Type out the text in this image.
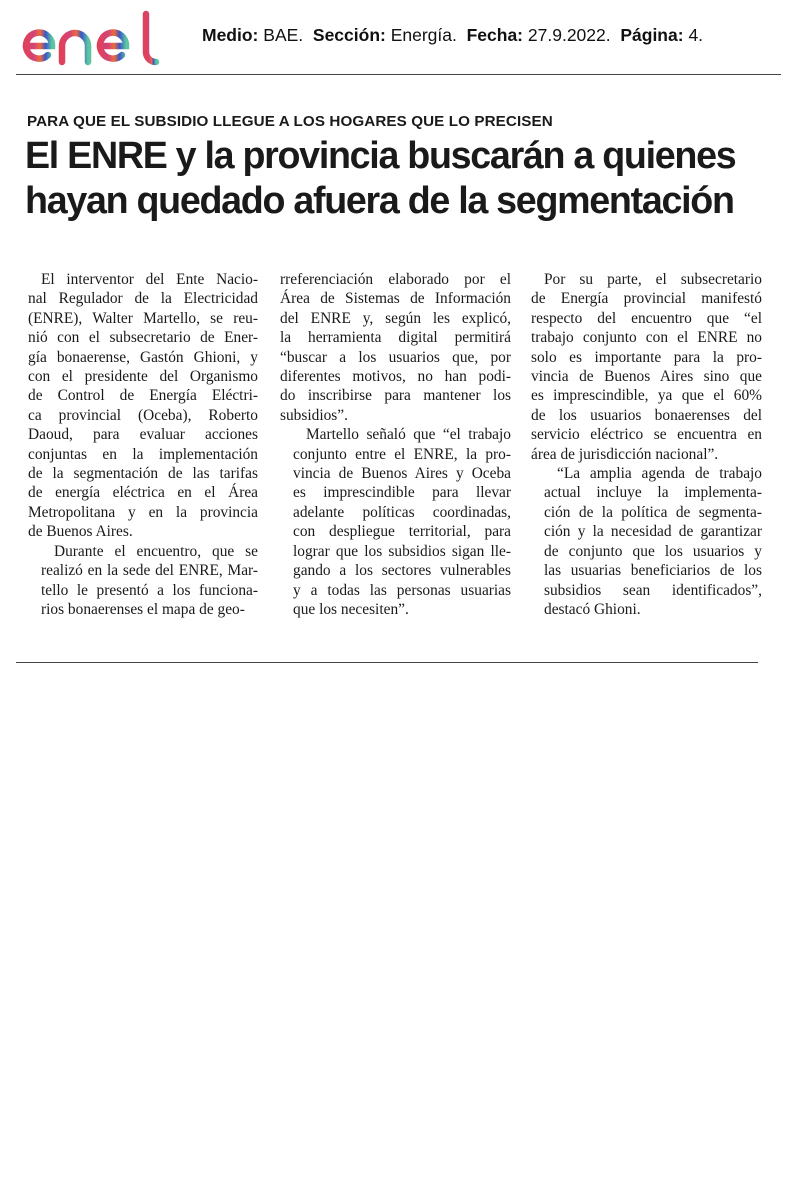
enel
Medio: BAE. Sección: Energía. Fecha: 27.9.2022. Página: 4.
PARA QUE EL SUBSIDIO LLEGUE A LOS HOGARES QUE LO PRECISEN
El ENRE y la provincia buscarán a quienes
hayan quedado afuera de la segmentación

El interventor del Ente Nacio-
nal Regulador de la Electricidad
(ENRE), Walter Martello, se reu-
nió con el subsecretario de Ener-
gía bonaerense, Gastón Ghioni, y
con el presidente del Organismo
de Control de Energía Eléctri-
ca provincial (Oceba), Roberto
Daoud, para evaluar acciones
conjuntas en la implementación
de la segmentación de las tarifas
de energía eléctrica en el Área
Metropolitana y en la provincia
de Buenos Aires.

Durante el encuentro, que se
realizó en la sede del ENRE, Mar-
tello le presentó a los funciona-
rios bonaerenses el mapa de geo-

rreferenciación elaborado por el
Área de Sistemas de Información
del ENRE y, según les explicó,
la herramienta digital permitirá
“buscar a los usuarios que, por
diferentes motivos, no han podi-
do inscribirse para mantener los
subsidios”.

Martello señaló que “el trabajo
conjunto entre el ENRE, la pro-
vincia de Buenos Aires y Oceba
es imprescindible para llevar
adelante políticas coordinadas,
con despliegue territorial, para
lograr que los subsidios sigan lle-
gando a los sectores vulnerables
y a todas las personas usuarias
que los necesiten”.

Por su parte, el subsecretario
de Energía provincial manifestó
respecto del encuentro que “el
trabajo conjunto con el ENRE no
solo es importante para la pro-
vincia de Buenos Aires sino que
es imprescindible, ya que el 60%
de los usuarios bonaerenses del
servicio eléctrico se encuentra en
área de jurisdicción nacional”.

“La amplia agenda de trabajo
actual incluye la implementa-
ción de la política de segmenta-
ción y la necesidad de garantizar
de conjunto que los usuarios y
las usuarias beneficiarios de los
subsidios sean identificados”,
destacó Ghioni.
